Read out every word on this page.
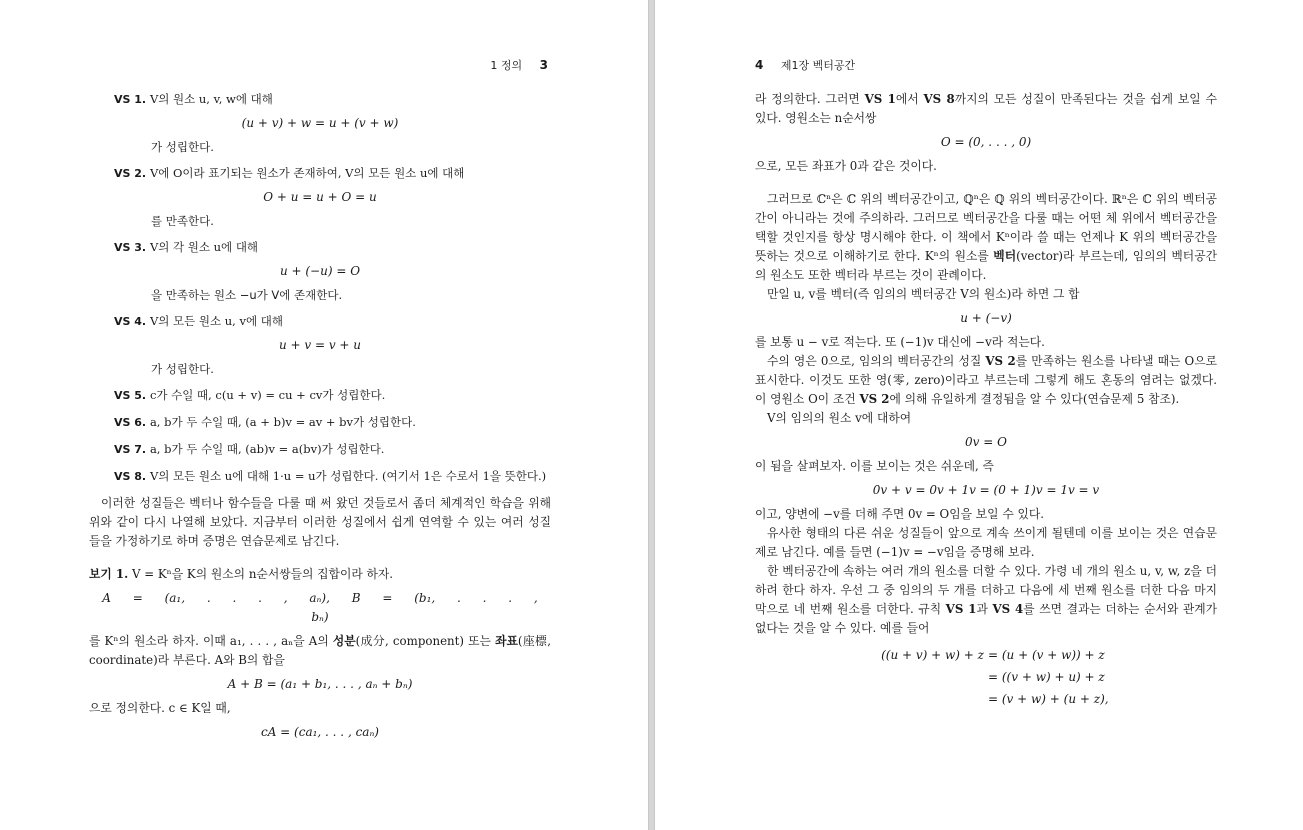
1 정의 3
VS 1. V의 원소 u, v, w에 대해
(u + v) + w = u + (v + w)
가 성립한다.
VS 2. V에 O이라 표기되는 원소가 존재하여, V의 모든 원소 u에 대해
O + u = u + O = u
를 만족한다.
VS 3. V의 각 원소 u에 대해
u + (−u) = O
을 만족하는 원소 −u가 V에 존재한다.
VS 4. V의 모든 원소 u, v에 대해
u + v = v + u
가 성립한다.
VS 5. c가 수일 때, c(u + v) = cu + cv가 성립한다.
VS 6. a, b가 두 수일 때, (a + b)v = av + bv가 성립한다.
VS 7. a, b가 두 수일 때, (ab)v = a(bv)가 성립한다.
VS 8. V의 모든 원소 u에 대해 1·u = u가 성립한다. (여기서 1은 수로서 1을 뜻한다.)

이러한 성질들은 벡터나 함수들을 다룰 때 써 왔던 것들로서 좀더 체계적인 학습을 위해 위와 같이 다시 나열해 보았다. 지금부터 이러한 성질에서 쉽게 연역할 수 있는 여러 성질들을 가정하기로 하며 증명은 연습문제로 남긴다.

보기 1. V = Kⁿ을 K의 원소의 n순서쌍들의 집합이라 하자.

A = (a₁, . . . , aₙ), B = (b₁, . . . , bₙ)

를 Kⁿ의 원소라 하자. 이때 a₁, . . . , aₙ을 A의 성분(成分, component) 또는 좌표(座標, coordinate)라 부른다. A와 B의 합을

A + B = (a₁ + b₁, . . . , aₙ + bₙ)

으로 정의한다. c ∈ K일 때,

cA = (ca₁, . . . , caₙ)
4 제1장 벡터공간

라 정의한다. 그러면 VS 1에서 VS 8까지의 모든 성질이 만족된다는 것을 쉽게 보일 수 있다. 영원소는 n순서쌍

O = (0, . . . , 0)

으로, 모든 좌표가 0과 같은 것이다.

그러므로 ℂⁿ은 ℂ 위의 벡터공간이고, ℚⁿ은 ℚ 위의 벡터공간이다. ℝⁿ은 ℂ 위의 벡터공간이 아니라는 것에 주의하라. 그러므로 벡터공간을 다룰 때는 어떤 체 위에서 벡터공간을 택할 것인지를 항상 명시해야 한다. 이 책에서 Kⁿ이라 쓸 때는 언제나 K 위의 벡터공간을 뜻하는 것으로 이해하기로 한다. Kⁿ의 원소를 벡터(vector)라 부르는데, 임의의 벡터공간의 원소도 또한 벡터라 부르는 것이 관례이다.

만일 u, v를 벡터(즉 임의의 벡터공간 V의 원소)라 하면 그 합

u + (−v)

를 보통 u − v로 적는다. 또 (−1)v 대신에 −v라 적는다.

수의 영은 0으로, 임의의 벡터공간의 성질 VS 2를 만족하는 원소를 나타낼 때는 O으로 표시한다. 이것도 또한 영(零, zero)이라고 부르는데 그렇게 해도 혼동의 염려는 없겠다. 이 영원소 O이 조건 VS 2에 의해 유일하게 결정됨을 알 수 있다(연습문제 5 참조).

V의 임의의 원소 v에 대하여

0v = O

이 됨을 살펴보자. 이를 보이는 것은 쉬운데, 즉

0v + v = 0v + 1v = (0 + 1)v = 1v = v

이고, 양변에 −v를 더해 주면 0v = O임을 보일 수 있다.

유사한 형태의 다른 쉬운 성질들이 앞으로 계속 쓰이게 될텐데 이를 보이는 것은 연습문제로 남긴다. 예를 들면 (−1)v = −v임을 증명해 보라.

한 벡터공간에 속하는 여러 개의 원소를 더할 수 있다. 가령 네 개의 원소 u, v, w, z을 더하려 한다 하자. 우선 그 중 임의의 두 개를 더하고 다음에 세 번째 원소를 더한 다음 마지막으로 네 번째 원소를 더한다. 규칙 VS 1과 VS 4를 쓰면 결과는 더하는 순서와 관계가 없다는 것을 알 수 있다. 예를 들어

((u + v) + w) + z = (u + (v + w)) + z
= ((v + w) + u) + z
= (v + w) + (u + z),
